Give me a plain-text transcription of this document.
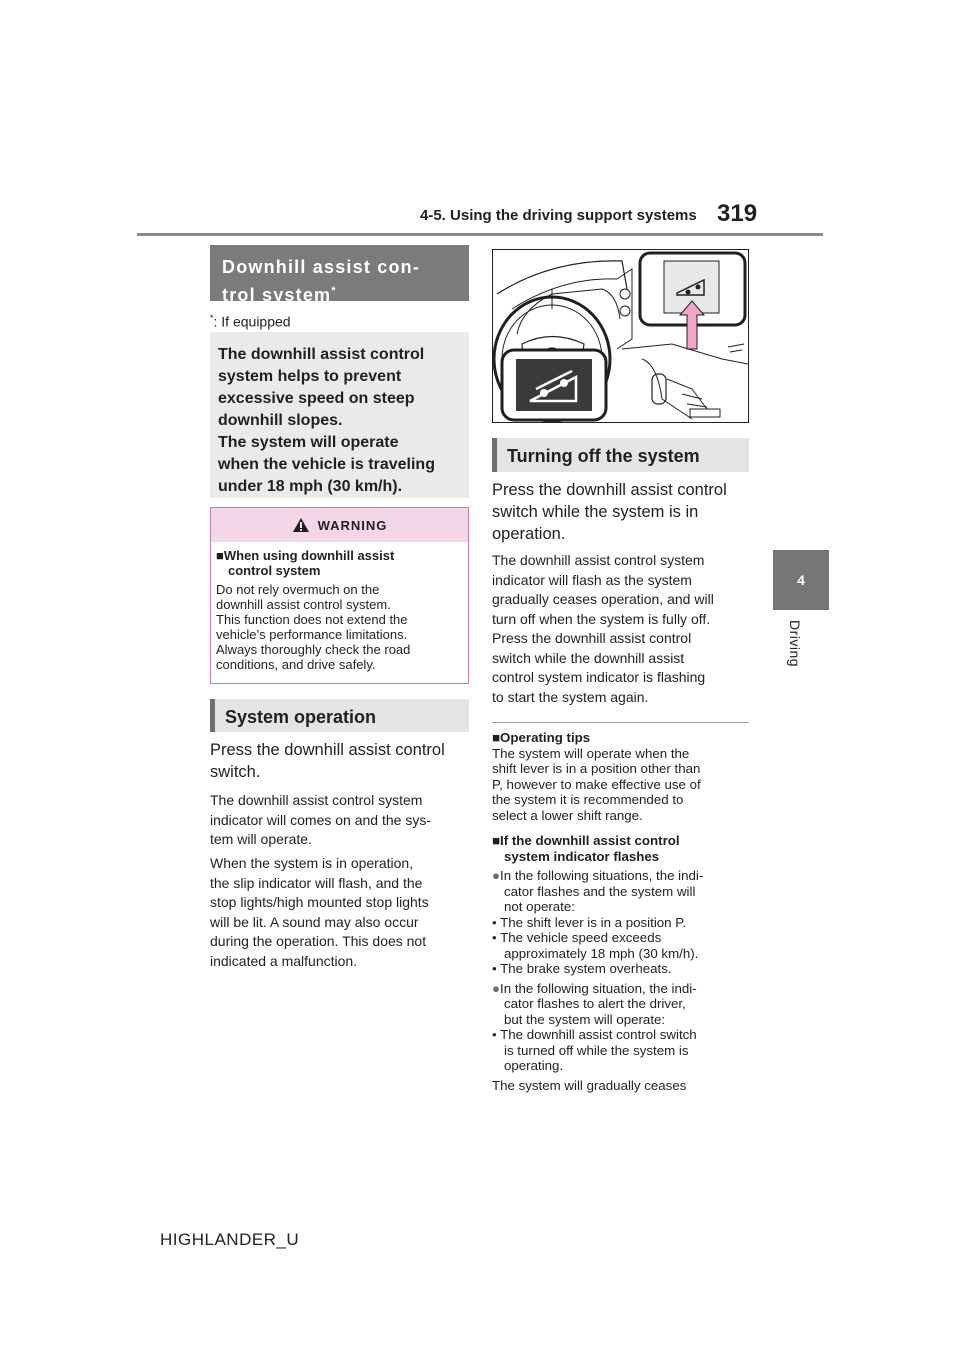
4-5. Using the driving support systems 319
4
Driving
Downhill assist con-
trol system*
*: If equipped
The downhill assist control
system helps to prevent
excessive speed on steep
downhill slopes.
The system will operate
when the vehicle is traveling
under 18 mph (30 km/h).
WARNING
■When using downhill assist
control system
Do not rely overmuch on the
downhill assist control system.
This function does not extend the
vehicle’s performance limitations.
Always thoroughly check the road
conditions, and drive safely.
System operation
Press the downhill assist control
switch.
The downhill assist control system
indicator will comes on and the sys-
tem will operate.
When the system is in operation,
the slip indicator will flash, and the
stop lights/high mounted stop lights
will be lit. A sound may also occur
during the operation. This does not
indicated a malfunction.
Turning off the system
Press the downhill assist control
switch while the system is in
operation.
The downhill assist control system
indicator will flash as the system
gradually ceases operation, and will
turn off when the system is fully off.
Press the downhill assist control
switch while the downhill assist
control system indicator is flashing
to start the system again.
■Operating tips
The system will operate when the
shift lever is in a position other than
P, however to make effective use of
the system it is recommended to
select a lower shift range.
■If the downhill assist control
system indicator flashes
●In the following situations, the indi-
cator flashes and the system will
not operate:
• The shift lever is in a position P.
• The vehicle speed exceeds
approximately 18 mph (30 km/h).
• The brake system overheats.
●In the following situation, the indi-
cator flashes to alert the driver,
but the system will operate:
• The downhill assist control switch
is turned off while the system is
operating.
The system will gradually ceases
HIGHLANDER_U
